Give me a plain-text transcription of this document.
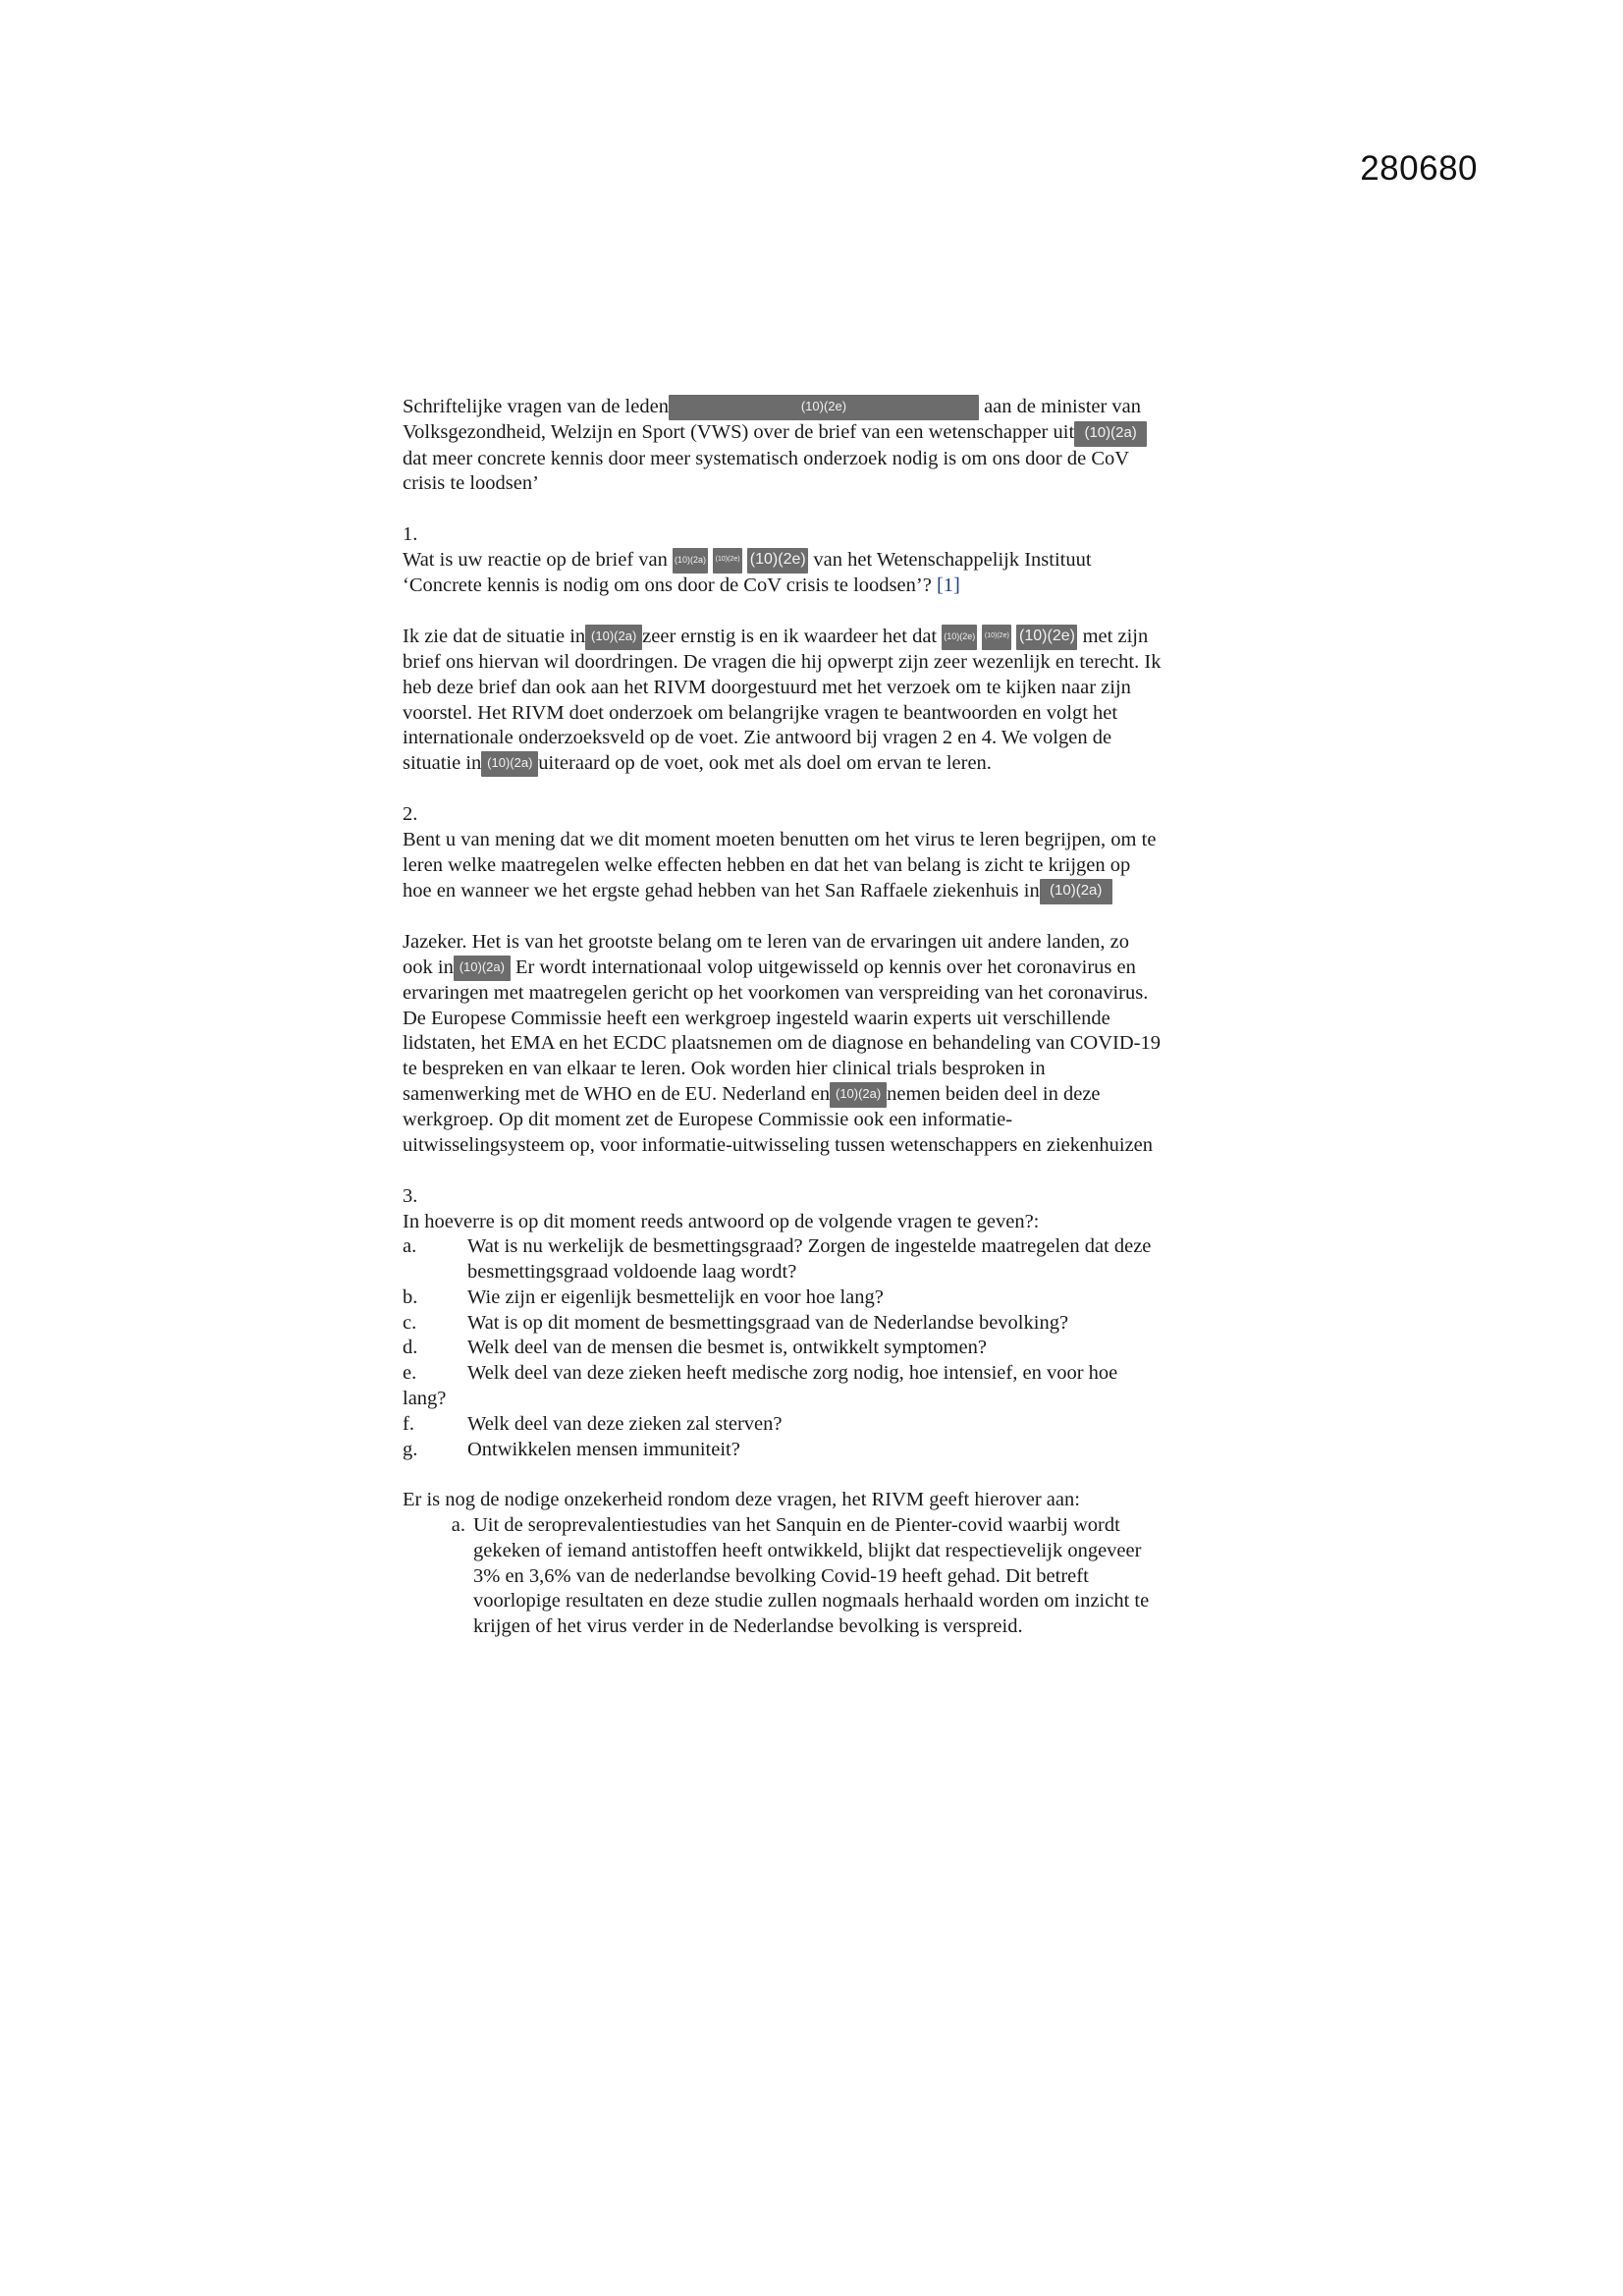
280680
Schriftelijke vragen van de leden	(10)(2e)	aan de minister van
Volksgezondheid, Welzijn en Sport (VWS) over de brief van een wetenschapper uit (10)(2a)
dat meer concrete kennis door meer systematisch onderzoek nodig is om ons door de CoV
crisis te loodsen’
1.
Wat is uw reactie op de brief van (10)(2a) (10)(2e) (10)(2e) van het Wetenschappelijk Instituut
‘Concrete kennis is nodig om ons door de CoV crisis te loodsen’? [1]
Ik zie dat de situatie in (10)(2a) zeer ernstig is en ik waardeer het dat (10)(2e) (10)(2e) (10)(2e) met zijn
brief ons hiervan wil doordringen. De vragen die hij opwerpt zijn zeer wezenlijk en terecht. Ik
heb deze brief dan ook aan het RIVM doorgestuurd met het verzoek om te kijken naar zijn
voorstel. Het RIVM doet onderzoek om belangrijke vragen te beantwoorden en volgt het
internationale onderzoeksveld op de voet. Zie antwoord bij vragen 2 en 4. We volgen de
situatie in (10)(2a) uiteraard op de voet, ook met als doel om ervan te leren.
2.
Bent u van mening dat we dit moment moeten benutten om het virus te leren begrijpen, om te
leren welke maatregelen welke effecten hebben en dat het van belang is zicht te krijgen op
hoe en wanneer we het ergste gehad hebben van het San Raffaele ziekenhuis in (10)(2a)
Jazeker. Het is van het grootste belang om te leren van de ervaringen uit andere landen, zo
ook in (10)(2a) Er wordt internationaal volop uitgewisseld op kennis over het coronavirus en
ervaringen met maatregelen gericht op het voorkomen van verspreiding van het coronavirus.
De Europese Commissie heeft een werkgroep ingesteld waarin experts uit verschillende
lidstaten, het EMA en het ECDC plaatsnemen om de diagnose en behandeling van COVID-19
te bespreken en van elkaar te leren. Ook worden hier clinical trials besproken in
samenwerking met de WHO en de EU. Nederland en (10)(2a) nemen beiden deel in deze
werkgroep. Op dit moment zet de Europese Commissie ook een informatie-
uitwisselingsysteem op, voor informatie-uitwisseling tussen wetenschappers en ziekenhuizen
3.
In hoeverre is op dit moment reeds antwoord op de volgende vragen te geven?:
a.	Wat is nu werkelijk de besmettingsgraad? Zorgen de ingestelde maatregelen dat deze
besmettingsgraad voldoende laag wordt?
b.	Wie zijn er eigenlijk besmettelijk en voor hoe lang?
c.	Wat is op dit moment de besmettingsgraad van de Nederlandse bevolking?
d.	Welk deel van de mensen die besmet is, ontwikkelt symptomen?
e.	Welk deel van deze zieken heeft medische zorg nodig, hoe intensief, en voor hoe
lang?
f.	Welk deel van deze zieken zal sterven?
g.	Ontwikkelen mensen immuniteit?
Er is nog de nodige onzekerheid rondom deze vragen, het RIVM geeft hierover aan:
a. Uit de seroprevalentiestudies van het Sanquin en de Pienter-covid waarbij wordt
gekeken of iemand antistoffen heeft ontwikkeld, blijkt dat respectievelijk ongeveer
3% en 3,6% van de nederlandse bevolking Covid-19 heeft gehad. Dit betreft
voorlopige resultaten en deze studie zullen nogmaals herhaald worden om inzicht te
krijgen of het virus verder in de Nederlandse bevolking is verspreid.
